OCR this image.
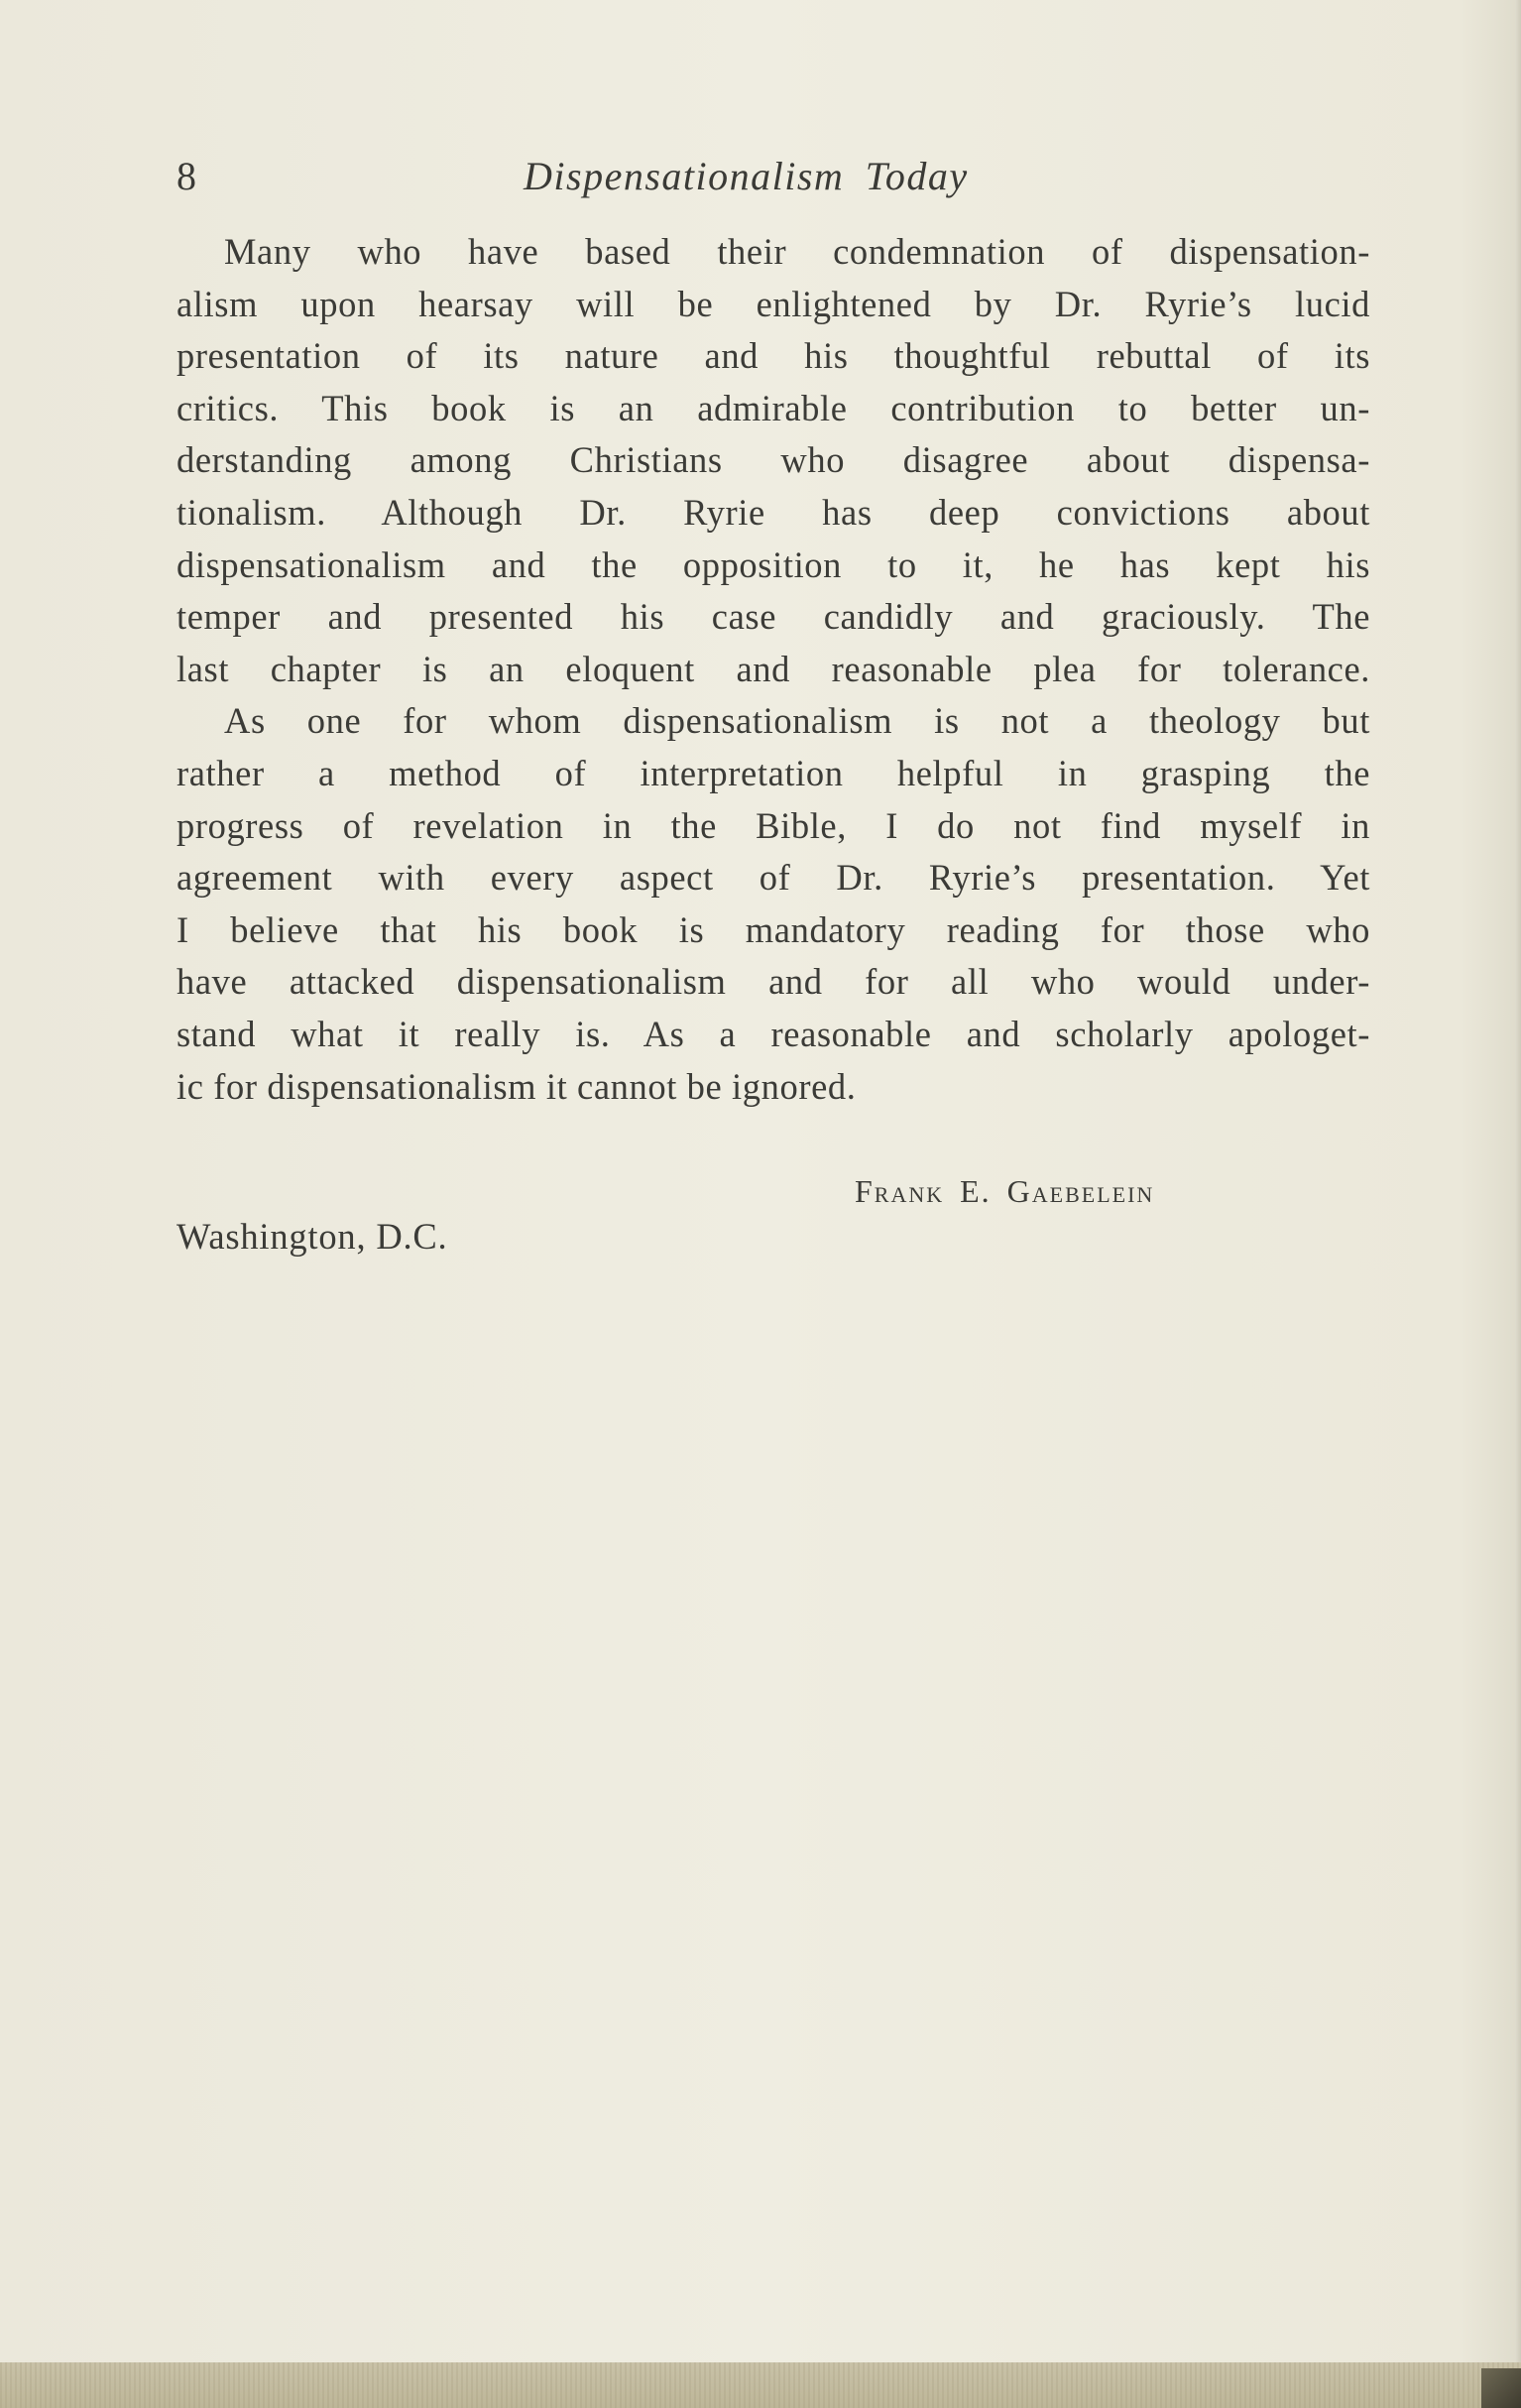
8	Dispensationalism Today
Many who have based their condemnation of dispensation-
alism upon hearsay will be enlightened by Dr. Ryrie’s lucid
presentation of its nature and his thoughtful rebuttal of its
critics. This book is an admirable contribution to better un-
derstanding among Christians who disagree about dispensa-
tionalism. Although Dr. Ryrie has deep convictions about
dispensationalism and the opposition to it, he has kept his
temper and presented his case candidly and graciously. The
last chapter is an eloquent and reasonable plea for tolerance.
As one for whom dispensationalism is not a theology but
rather a method of interpretation helpful in grasping the
progress of revelation in the Bible, I do not find myself in
agreement with every aspect of Dr. Ryrie’s presentation. Yet
I believe that his book is mandatory reading for those who
have attacked dispensationalism and for all who would under-
stand what it really is. As a reasonable and scholarly apologet-
ic for dispensationalism it cannot be ignored.
Frank E. Gaebelein
Washington, D.C.
